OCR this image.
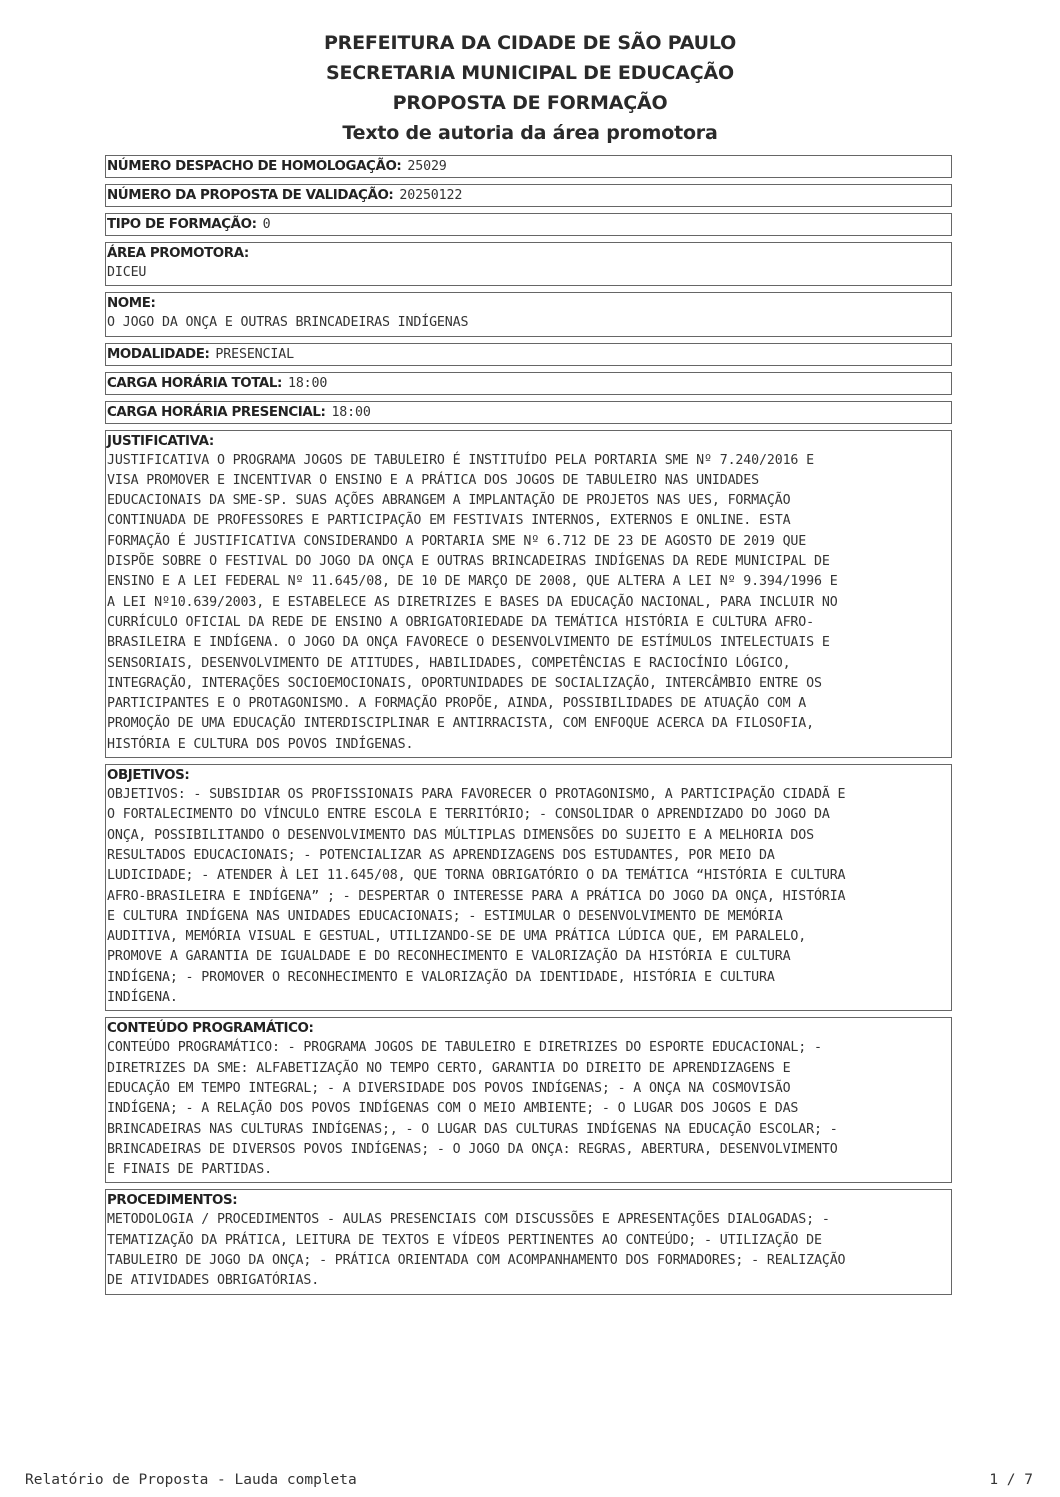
PREFEITURA DA CIDADE DE SÃO PAULO
SECRETARIA MUNICIPAL DE EDUCAÇÃO
PROPOSTA DE FORMAÇÃO
Texto de autoria da área promotora
NÚMERO DESPACHO DE HOMOLOGAÇÃO: 25029
NÚMERO DA PROPOSTA DE VALIDAÇÃO: 20250122
TIPO DE FORMAÇÃO: 0
ÁREA PROMOTORA:
DICEU
NOME:
O JOGO DA ONÇA E OUTRAS BRINCADEIRAS INDÍGENAS
MODALIDADE: PRESENCIAL
CARGA HORÁRIA TOTAL: 18:00
CARGA HORÁRIA PRESENCIAL: 18:00
JUSTIFICATIVA:
JUSTIFICATIVA O PROGRAMA JOGOS DE TABULEIRO É INSTITUÍDO PELA PORTARIA SME Nº 7.240/2016 E
VISA PROMOVER E INCENTIVAR O ENSINO E A PRÁTICA DOS JOGOS DE TABULEIRO NAS UNIDADES
EDUCACIONAIS DA SME-SP. SUAS AÇÕES ABRANGEM A IMPLANTAÇÃO DE PROJETOS NAS UES, FORMAÇÃO
CONTINUADA DE PROFESSORES E PARTICIPAÇÃO EM FESTIVAIS INTERNOS, EXTERNOS E ONLINE. ESTA
FORMAÇÃO É JUSTIFICATIVA CONSIDERANDO A PORTARIA SME Nº 6.712 DE 23 DE AGOSTO DE 2019 QUE
DISPÕE SOBRE O FESTIVAL DO JOGO DA ONÇA E OUTRAS BRINCADEIRAS INDÍGENAS DA REDE MUNICIPAL DE
ENSINO E A LEI FEDERAL Nº 11.645/08, DE 10 DE MARÇO DE 2008, QUE ALTERA A LEI Nº 9.394/1996 E
A LEI Nº10.639/2003, E ESTABELECE AS DIRETRIZES E BASES DA EDUCAÇÃO NACIONAL, PARA INCLUIR NO
CURRÍCULO OFICIAL DA REDE DE ENSINO A OBRIGATORIEDADE DA TEMÁTICA HISTÓRIA E CULTURA AFRO-
BRASILEIRA E INDÍGENA. O JOGO DA ONÇA FAVORECE O DESENVOLVIMENTO DE ESTÍMULOS INTELECTUAIS E
SENSORIAIS, DESENVOLVIMENTO DE ATITUDES, HABILIDADES, COMPETÊNCIAS E RACIOCÍNIO LÓGICO,
INTEGRAÇÃO, INTERAÇÕES SOCIOEMOCIONAIS, OPORTUNIDADES DE SOCIALIZAÇÃO, INTERCÂMBIO ENTRE OS
PARTICIPANTES E O PROTAGONISMO. A FORMAÇÃO PROPÕE, AINDA, POSSIBILIDADES DE ATUAÇÃO COM A
PROMOÇÃO DE UMA EDUCAÇÃO INTERDISCIPLINAR E ANTIRRACISTA, COM ENFOQUE ACERCA DA FILOSOFIA,
HISTÓRIA E CULTURA DOS POVOS INDÍGENAS.
OBJETIVOS:
OBJETIVOS: - SUBSIDIAR OS PROFISSIONAIS PARA FAVORECER O PROTAGONISMO, A PARTICIPAÇÃO CIDADÃ E
O FORTALECIMENTO DO VÍNCULO ENTRE ESCOLA E TERRITÓRIO; - CONSOLIDAR O APRENDIZADO DO JOGO DA
ONÇA, POSSIBILITANDO O DESENVOLVIMENTO DAS MÚLTIPLAS DIMENSÕES DO SUJEITO E A MELHORIA DOS
RESULTADOS EDUCACIONAIS; - POTENCIALIZAR AS APRENDIZAGENS DOS ESTUDANTES, POR MEIO DA
LUDICIDADE; - ATENDER À LEI 11.645/08, QUE TORNA OBRIGATÓRIO O DA TEMÁTICA “HISTÓRIA E CULTURA
AFRO-BRASILEIRA E INDÍGENA” ; - DESPERTAR O INTERESSE PARA A PRÁTICA DO JOGO DA ONÇA, HISTÓRIA
E CULTURA INDÍGENA NAS UNIDADES EDUCACIONAIS; - ESTIMULAR O DESENVOLVIMENTO DE MEMÓRIA
AUDITIVA, MEMÓRIA VISUAL E GESTUAL, UTILIZANDO-SE DE UMA PRÁTICA LÚDICA QUE, EM PARALELO,
PROMOVE A GARANTIA DE IGUALDADE E DO RECONHECIMENTO E VALORIZAÇÃO DA HISTÓRIA E CULTURA
INDÍGENA; - PROMOVER O RECONHECIMENTO E VALORIZAÇÃO DA IDENTIDADE, HISTÓRIA E CULTURA
INDÍGENA.
CONTEÚDO PROGRAMÁTICO:
CONTEÚDO PROGRAMÁTICO: - PROGRAMA JOGOS DE TABULEIRO E DIRETRIZES DO ESPORTE EDUCACIONAL; -
DIRETRIZES DA SME: ALFABETIZAÇÃO NO TEMPO CERTO, GARANTIA DO DIREITO DE APRENDIZAGENS E
EDUCAÇÃO EM TEMPO INTEGRAL; - A DIVERSIDADE DOS POVOS INDÍGENAS; - A ONÇA NA COSMOVISÃO
INDÍGENA; - A RELAÇÃO DOS POVOS INDÍGENAS COM O MEIO AMBIENTE; - O LUGAR DOS JOGOS E DAS
BRINCADEIRAS NAS CULTURAS INDÍGENAS;, - O LUGAR DAS CULTURAS INDÍGENAS NA EDUCAÇÃO ESCOLAR; -
BRINCADEIRAS DE DIVERSOS POVOS INDÍGENAS; - O JOGO DA ONÇA: REGRAS, ABERTURA, DESENVOLVIMENTO
E FINAIS DE PARTIDAS.
PROCEDIMENTOS:
METODOLOGIA / PROCEDIMENTOS - AULAS PRESENCIAIS COM DISCUSSÕES E APRESENTAÇÕES DIALOGADAS; -
TEMATIZAÇÃO DA PRÁTICA, LEITURA DE TEXTOS E VÍDEOS PERTINENTES AO CONTEÚDO; - UTILIZAÇÃO DE
TABULEIRO DE JOGO DA ONÇA; - PRÁTICA ORIENTADA COM ACOMPANHAMENTO DOS FORMADORES; - REALIZAÇÃO
DE ATIVIDADES OBRIGATÓRIAS.
Relatório de Proposta - Lauda completa	1 / 7
